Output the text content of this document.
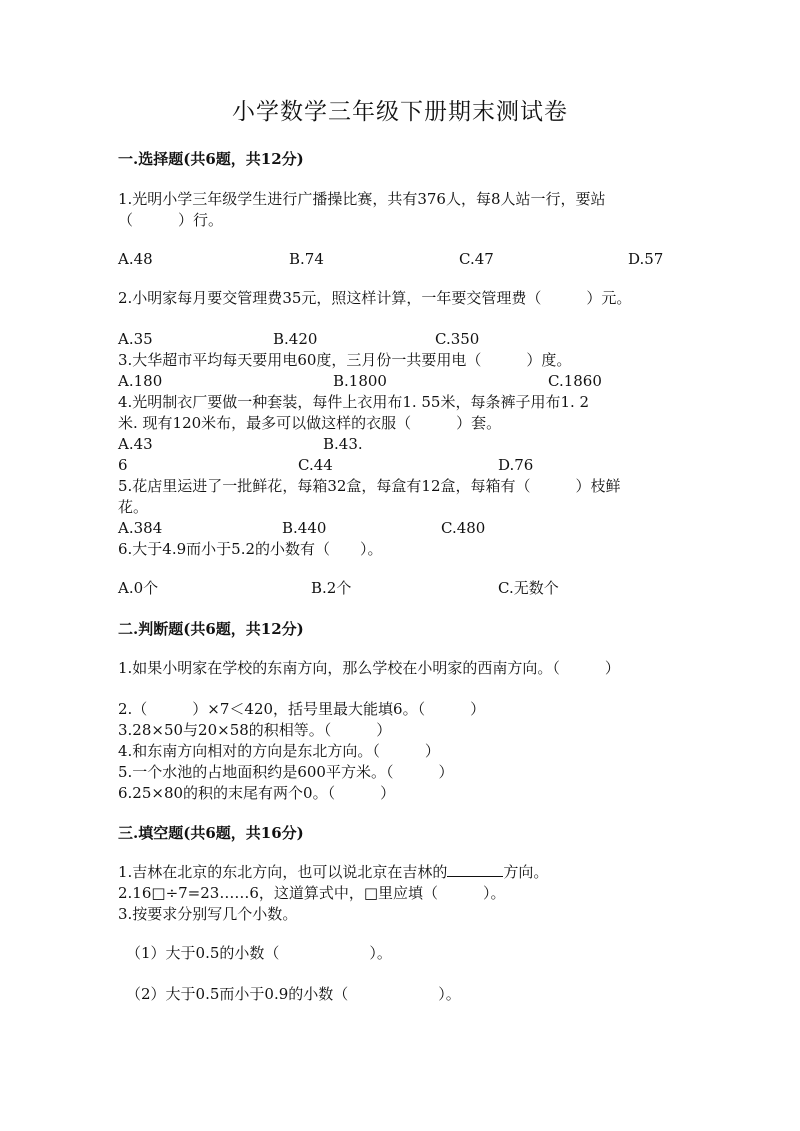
小学数学三年级下册期末测试卷
一.选择题(共6题，共12分)
1.光明小学三年级学生进行广播操比赛，共有376人，每8人站一行，要站
（　　　）行。
A.48	B.74	C.47	D.57
2.小明家每月要交管理费35元，照这样计算，一年要交管理费（　　　）元。
A.35	B.420	C.350
3.大华超市平均每天要用电60度，三月份一共要用电（　　　）度。
A.180	B.1800	C.1860
4.光明制衣厂要做一种套装，每件上衣用布1. 55米，每条裤子用布1. 2
米. 现有120米布，最多可以做这样的衣服（　　　）套。
A.43	B.43.
6	C.44	D.76
5.花店里运进了一批鲜花，每箱32盒，每盒有12盒，每箱有（　　　）枝鲜
花。
A.384	B.440	C.480
6.大于4.9而小于5.2的小数有（　　）。
A.0个	B.2个	C.无数个
二.判断题(共6题，共12分)
1.如果小明家在学校的东南方向，那么学校在小明家的西南方向。（　　　）
2.（　　　）×7＜420，括号里最大能填6。（　　　）
3.28×50与20×58的积相等。（　　　）
4.和东南方向相对的方向是东北方向。（　　　）
5.一个水池的占地面积约是600平方米。（　　　）
6.25×80的积的末尾有两个0。（　　　）
三.填空题(共6题，共16分)
1.吉林在北京的东北方向，也可以说北京在吉林的	方向。
2.16□÷7=23……6，这道算式中，□里应填（　　　）。
3.按要求分别写几个小数。
（1）大于0.5的小数（　　　　　　）。
（2）大于0.5而小于0.9的小数（　　　　　　）。
